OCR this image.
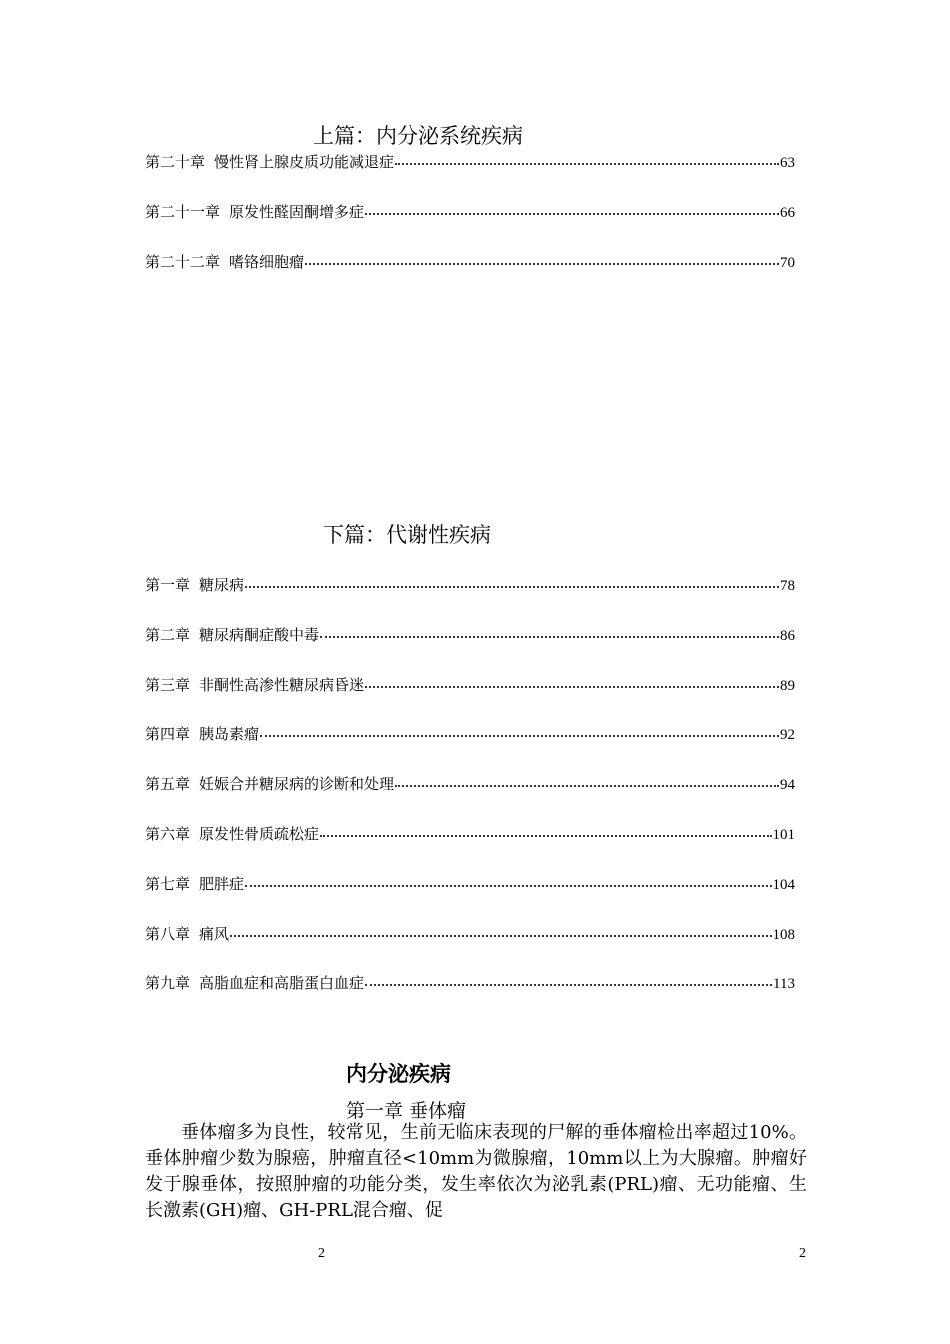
上篇：内分泌系统疾病
第二十章 慢性肾上腺皮质功能减退症	63
第二十一章 原发性醛固酮增多症	66
第二十二章 嗜铬细胞瘤	70
下篇：代谢性疾病
第一章 糖尿病	78
第二章 糖尿病酮症酸中毒	86
第三章 非酮性高渗性糖尿病昏迷	89
第四章 胰岛素瘤	92
第五章 妊娠合并糖尿病的诊断和处理	94
第六章 原发性骨质疏松症	101
第七章 肥胖症	104
第八章 痛风	108
第九章 高脂血症和高脂蛋白血症	113
内分泌疾病
第一章 垂体瘤

垂体瘤多为良性，较常见，生前无临床表现的尸解的垂体瘤检出率超过10%。垂体肿瘤少数为腺癌，肿瘤直径<10mm为微腺瘤，10mm以上为大腺瘤。肿瘤好发于腺垂体，按照肿瘤的功能分类，发生率依次为泌乳素(PRL)瘤、无功能瘤、生长激素(GH)瘤、GH-PRL混合瘤、促

2	2
